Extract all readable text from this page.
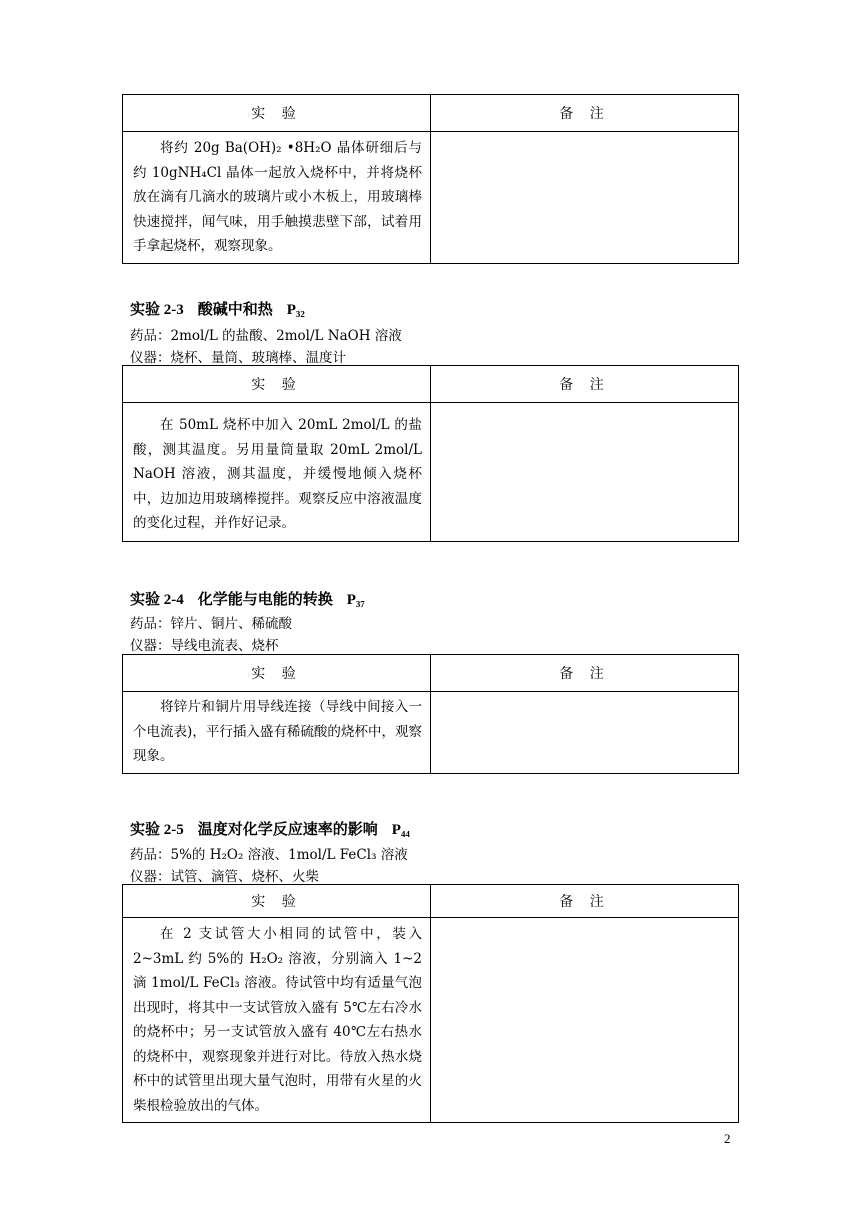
实 验	备 注
将约 20g Ba(OH)₂ •8H₂O 晶体研细后与约 10gNH₄Cl 晶体一起放入烧杯中，并将烧杯放在滴有几滴水的玻璃片或小木板上，用玻璃棒快速搅拌，闻气味，用手触摸悲壁下部，试着用手拿起烧杯，观察现象。	
实验 2-3 酸碱中和热 P₃₂
药品：2mol/L 的盐酸、2mol/L NaOH 溶液
仪器：烧杯、量筒、玻璃棒、温度计
实 验	备 注
在 50mL 烧杯中加入 20mL 2mol/L 的盐酸，测其温度。另用量筒量取 20mL 2mol/L NaOH 溶液，测其温度，并缓慢地倾入烧杯中，边加边用玻璃棒搅拌。观察反应中溶液温度的变化过程，并作好记录。	
实验 2-4 化学能与电能的转换 P₃₇
药品：锌片、铜片、稀硫酸
仪器：导线电流表、烧杯
实 验	备 注
将锌片和铜片用导线连接（导线中间接入一个电流表)，平行插入盛有稀硫酸的烧杯中，观察现象。	
实验 2-5 温度对化学反应速率的影响 P₄₄
药品：5%的 H₂O₂ 溶液、1mol/L FeCl₃ 溶液
仪器：试管、滴管、烧杯、火柴
实 验	备 注
在 2 支试管大小相同的试管中，装入 2~3mL 约 5%的 H₂O₂ 溶液，分别滴入 1~2 滴 1mol/L FeCl₃ 溶液。待试管中均有适量气泡出现时，将其中一支试管放入盛有 5℃左右冷水的烧杯中；另一支试管放入盛有 40℃左右热水的烧杯中，观察现象并进行对比。待放入热水烧杯中的试管里出现大量气泡时，用带有火星的火柴根检验放出的气体。	
2
